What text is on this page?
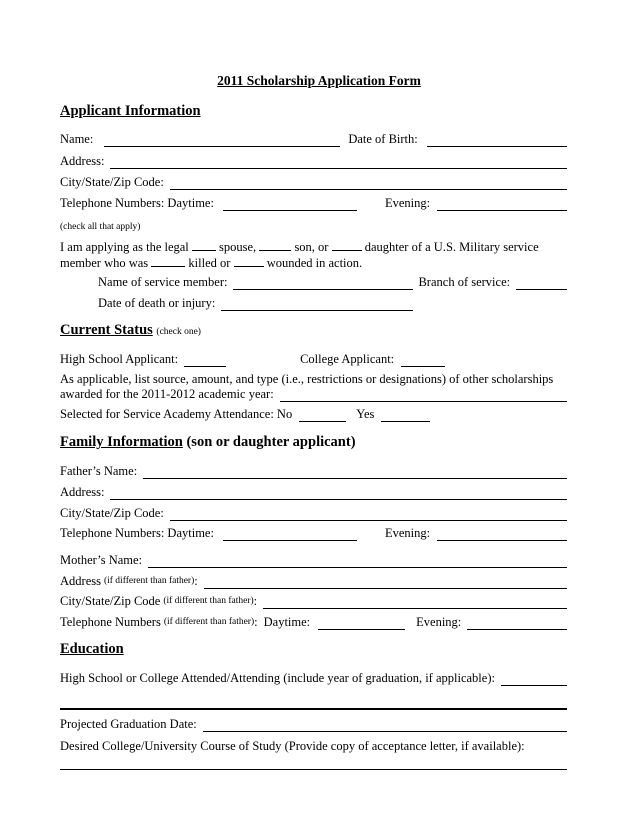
2011 Scholarship Application Form
Applicant Information
Name:	Date of Birth:
Address:
City/State/Zip Code:
Telephone Numbers: Daytime:	Evening:
(check all that apply)
I am applying as the legal spouse,	son, or	daughter of a U.S. Military service
member who was	killed or	wounded in action.
Name of service member:	Branch of service:
Date of death or injury:
Current Status (check one)
High School Applicant:	College Applicant:
As applicable, list source, amount, and type (i.e., restrictions or designations) of other scholarships
awarded for the 2011-2012 academic year:
Selected for Service Academy Attendance: No	Yes
Family Information (son or daughter applicant)
Father’s Name:
Address:
City/State/Zip Code:
Telephone Numbers: Daytime:	Evening:
Mother’s Name:
Address (if different than father) :
City/State/Zip Code (if different than father) :
Telephone Numbers (if different than father) : Daytime:	Evening:
Education
High School or College Attended/Attending (include year of graduation, if applicable):
Projected Graduation Date:
Desired College/University Course of Study (Provide copy of acceptance letter, if available):
